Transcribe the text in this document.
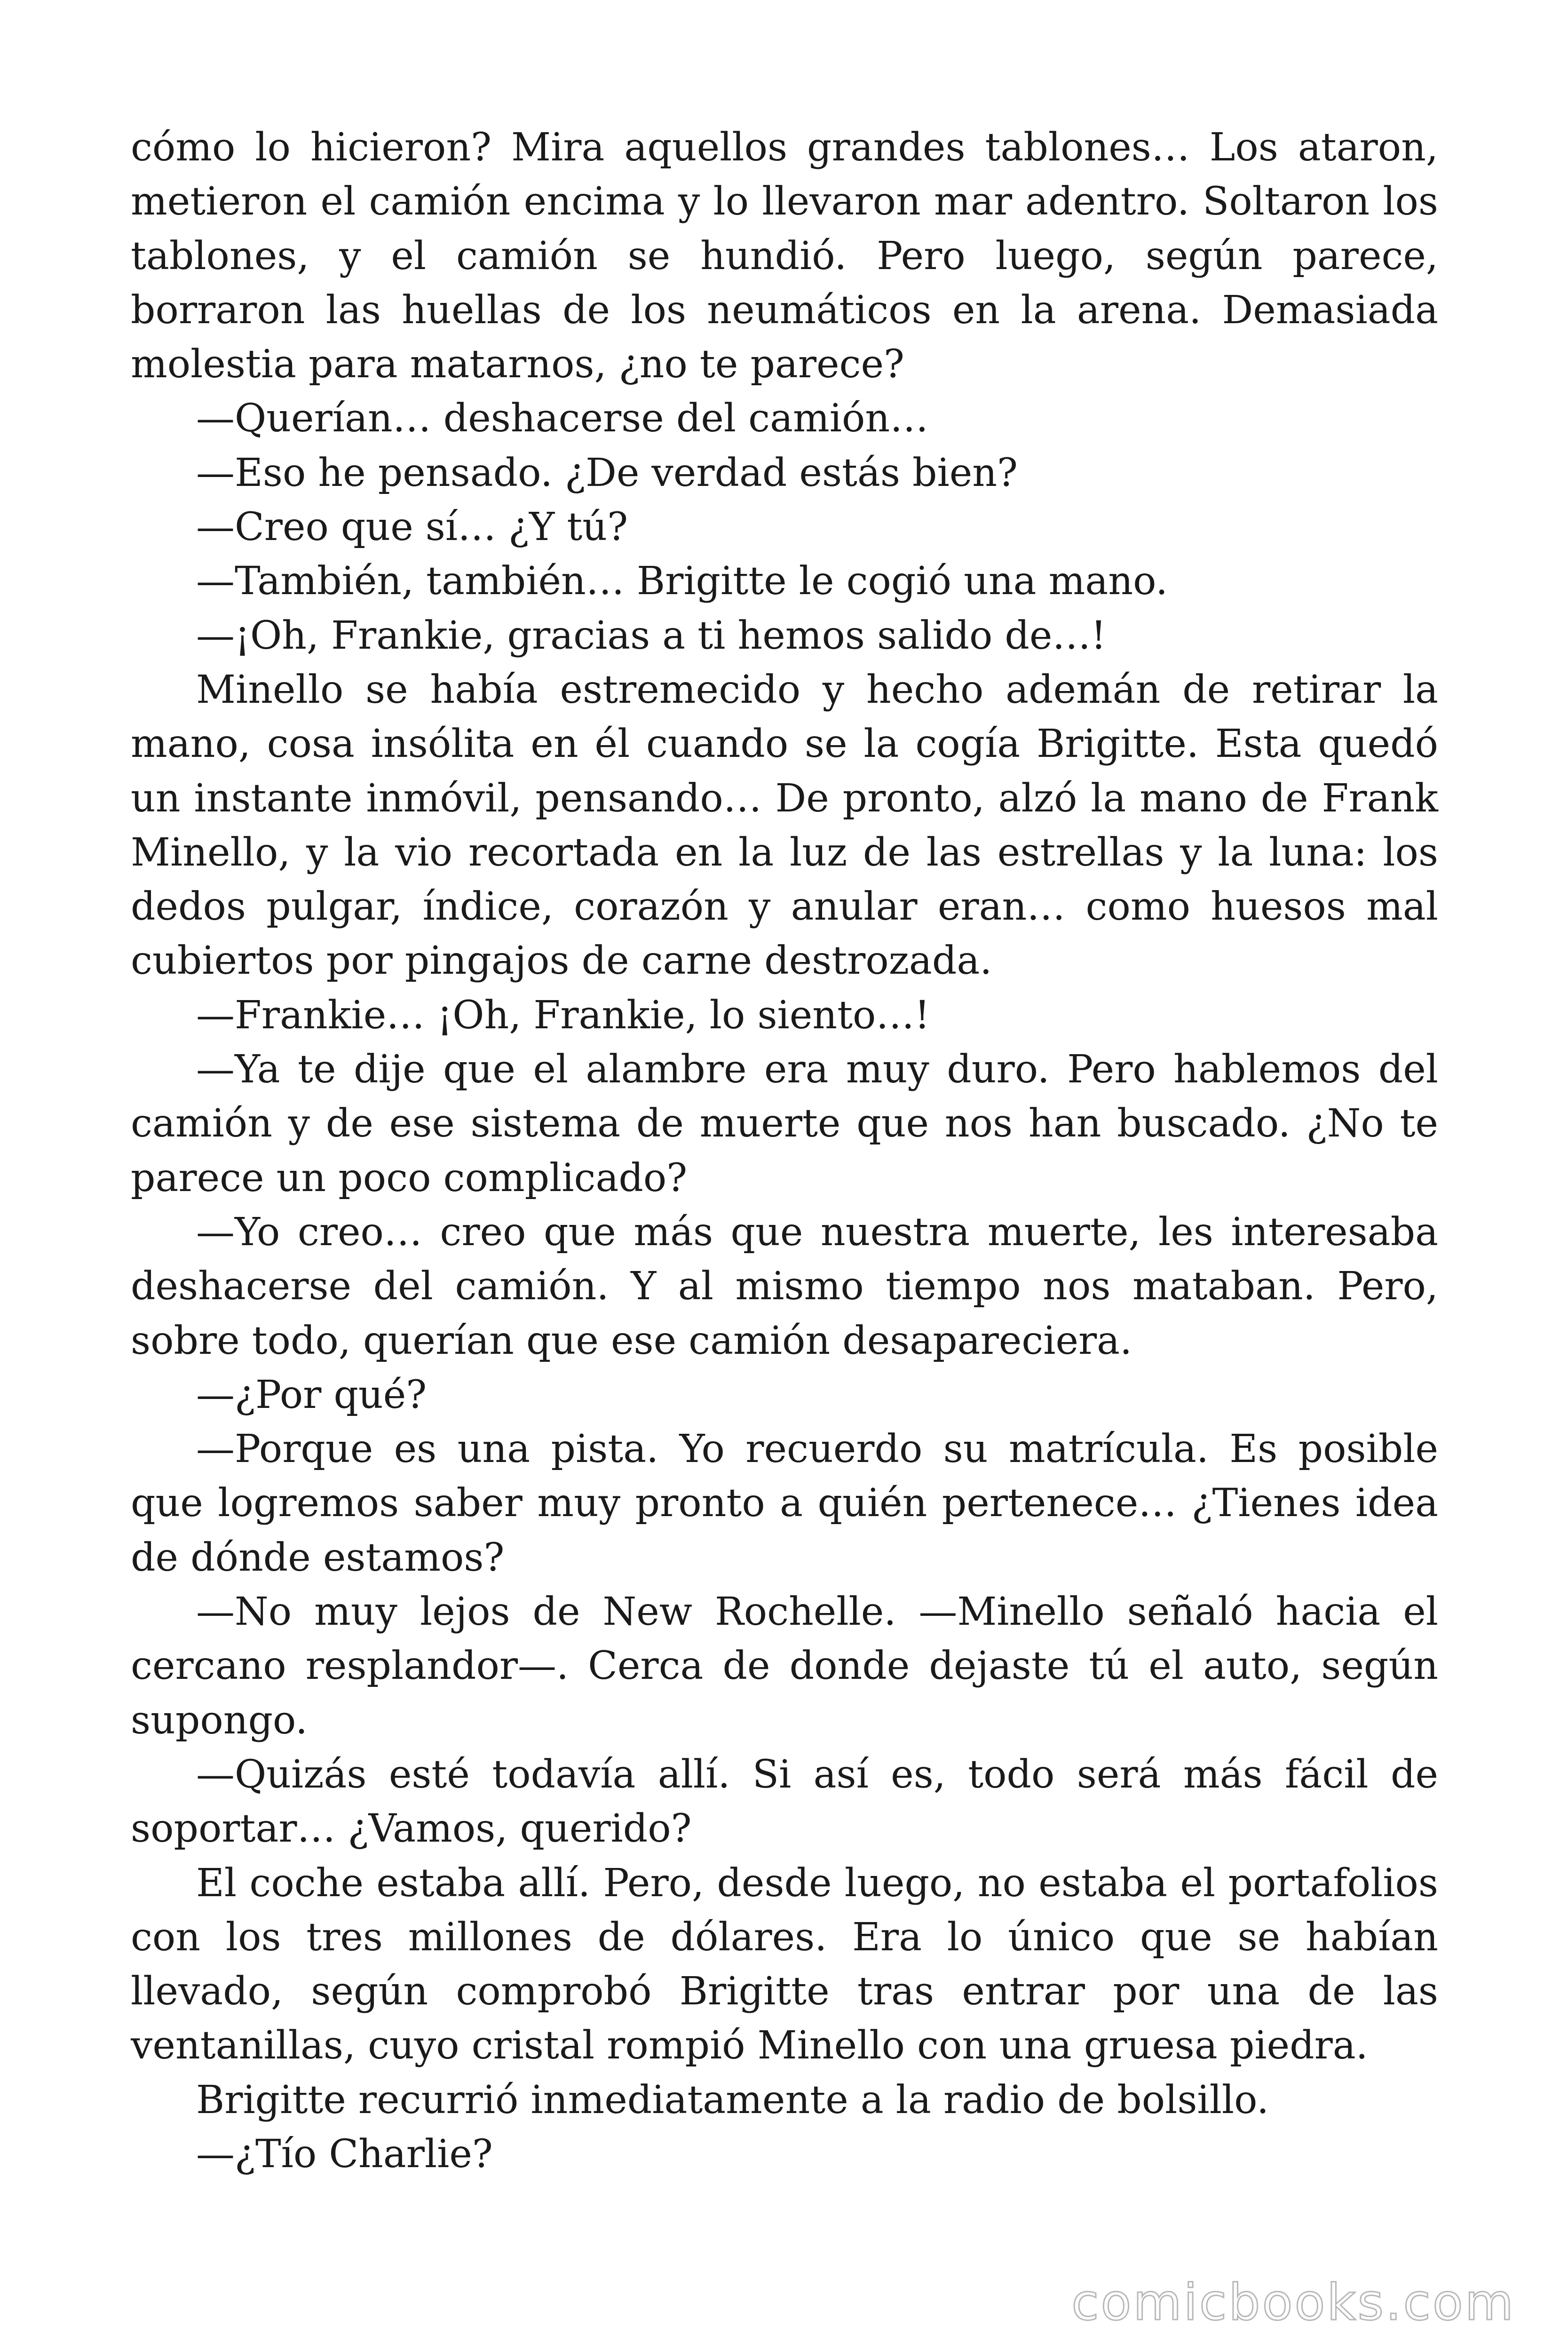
cómo lo hicieron? Mira aquellos grandes tablones… Los ataron, metieron el camión encima y lo llevaron mar adentro. Soltaron los tablones, y el camión se hundió. Pero luego, según parece, borraron las huellas de los neumáticos en la arena. Demasiada molestia para matarnos, ¿no te parece?

—Querían… deshacerse del camión…

—Eso he pensado. ¿De verdad estás bien?

—Creo que sí… ¿Y tú?

—También, también… Brigitte le cogió una mano.

—¡Oh, Frankie, gracias a ti hemos salido de…!

Minello se había estremecido y hecho ademán de retirar la mano, cosa insólita en él cuando se la cogía Brigitte. Esta quedó un instante inmóvil, pensando… De pronto, alzó la mano de Frank Minello, y la vio recortada en la luz de las estrellas y la luna: los dedos pulgar, índice, corazón y anular eran… como huesos mal cubiertos por pingajos de carne destrozada.

—Frankie… ¡Oh, Frankie, lo siento…!

—Ya te dije que el alambre era muy duro. Pero hablemos del camión y de ese sistema de muerte que nos han buscado. ¿No te parece un poco complicado?

—Yo creo… creo que más que nuestra muerte, les interesaba deshacerse del camión. Y al mismo tiempo nos mataban. Pero, sobre todo, querían que ese camión desapareciera.

—¿Por qué?

—Porque es una pista. Yo recuerdo su matrícula. Es posible que logremos saber muy pronto a quién pertenece… ¿Tienes idea de dónde estamos?

—No muy lejos de New Rochelle. —Minello señaló hacia el cercano resplandor—. Cerca de donde dejaste tú el auto, según supongo.

—Quizás esté todavía allí. Si así es, todo será más fácil de soportar… ¿Vamos, querido?

El coche estaba allí. Pero, desde luego, no estaba el portafolios con los tres millones de dólares. Era lo único que se habían llevado, según comprobó Brigitte tras entrar por una de las ventanillas, cuyo cristal rompió Minello con una gruesa piedra.

Brigitte recurrió inmediatamente a la radio de bolsillo.

—¿Tío Charlie?

comicbooks.com
